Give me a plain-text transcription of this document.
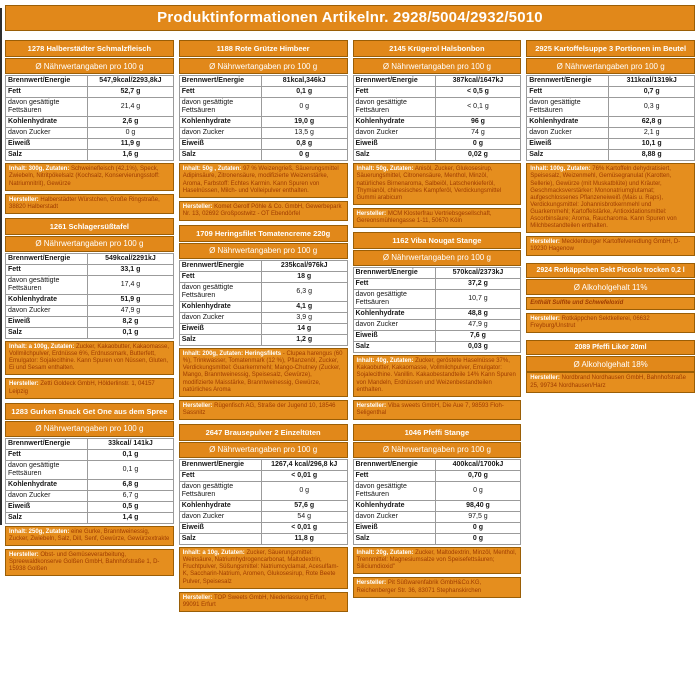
Produktinformationen Artikelnr. 2928/5004/2932/5010
1278 Halberstädter Schmalzfleisch
Ø Nährwertangaben pro 100 g
Brennwert/Energie	547,9kcal/2293,8kJ
Fett	52,7 g
davon gesättigte Fettsäuren	21,4 g
Kohlenhydrate	2,6 g
davon Zucker	0 g
Eiweiß	11,9 g
Salz	1,6 g
Inhalt: 300g, Zutaten: Schweinefleisch (42,1%), Speck, Zwiebeln, Nitritpökelsalz (Kochsalz, Konservierungsstoff: Natriumnitrit), Gewürze
Hersteller: Halberstädter Würstchen, Große Ringstraße, 38820 Halberstadt
1261 Schlagersüßtafel
Ø Nährwertangaben pro 100 g
Brennwert/Energie	549kcal/2291kJ
Fett	33,1 g
davon gesättigte Fettsäuren	17,4 g
Kohlenhydrate	51,9 g
davon Zucker	47,9 g
Eiweiß	8,2 g
Salz	0,1 g
Inhalt: a 100g, Zutaten: Zucker, Kakaobutter, Kakaomasse, Vollmilchpulver, Erdnüsse 6%, Erdnussmark, Butterfett, Emulgator: Sojalecithine. Kann Spuren von Nüssen, Gluten, Ei und Sesam enthalten.
Hersteller: Zetti Goldeck GmbH, Hölderlinstr. 1, 04157 Leipzig
1283 Gurken Snack Get One aus dem Spree
Ø Nährwertangaben pro 100 g
Brennwert/Energie	33kcal/ 141kJ
Fett	0,1 g
davon gesättigte Fettsäuren	0,1 g
Kohlenhydrate	6,8 g
davon Zucker	6,7 g
Eiweiß	0,5 g
Salz	1,4 g
Inhalt: 250g, Zutaten: eine Gurke, Branntweinessig, Zucker, Zwiebeln, Salz, Dill, Senf, Gewürze, Gewürzextrakte
Hersteller: Obst- und Gemüseverarbeitung, Spreewaldkonserve Golßen GmbH, Bahnhofstraße 1, D-15938 Golßen
1188 Rote Grütze Himbeer
Ø Nährwertangaben pro 100 g
Brennwert/Energie	81kcal,346kJ
Fett	0,1 g
davon gesättigte Fettsäuren	0 g
Kohlenhydrate	19,0 g
davon Zucker	13,5 g
Eiweiß	0,8 g
Salz	0 g
Inhalt: 50g , Zutaten: 97 % Weizengrieß, Säuerungsmittel Adipinsäure, Zitronensäure, modifizierte Weizenstärke, Aroma, Farbstoff: Echtes Karmin. Kann Spuren von Haselnüssen, Milch- und Volleipulver enthalten.
Hersteller: Komet Gerolf Pöhle & Co. GmbH, Gewerbepark Nr. 13, 02692 Großpostwitz - OT Ebendörfel
1709 Heringsfilet Tomatencreme 220g
Ø Nährwertangaben pro 100 g
Brennwert/Energie	235kcal/976kJ
Fett	18 g
davon gesättigte Fettsäuren	6,3 g
Kohlenhydrate	4,1 g
davon Zucker	3,9 g
Eiweiß	14 g
Salz	1,2 g
Inhalt: 200g, Zutaten: Heringsfilets - Clupea harengus (60 %), Trinkwasser, Tomatenmark (12 %), Pflanzenöl, Zucker, Verdickungsmittel: Guarkernmehl; Mango-Chutney (Zucker, Mango, Branntweinessig, Speisesalz, Gewürze), modifizierte Maisstärke, Branntweinessig, Gewürze, natürliches Aroma
Hersteller: Rügenfisch AG, Straße der Jugend 10, 18546 Sassnitz
2647 Brausepulver 2 Einzeltüten
Ø Nährwertangaben pro 100 g
Brennwert/Energie	1267,4 kcal/296,8 kJ
Fett	< 0,01 g
davon gesättigte Fettsäuren	0 g
Kohlenhydrate	57,6 g
davon Zucker	54 g
Eiweiß	< 0,01 g
Salz	11,8 g
Inhalt: a 10g, Zutaten: Zucker, Säuerungsmittel: Weinsäure, Natriumhydrogencarbonat, Maltodextrin, Fruchtpulver, Süßungsmittel: Natriumcyclamat, Acesulfam-K, Saccharin-Natrium, Aromen, Glukosesirup, Rote Beete Pulver, Speisesalz
Hersteller: TOP Sweets GmbH, Niederlassung Erfurt, 99091 Erfurt
2145 Krügerol Halsbonbon
Ø Nährwertangaben pro 100 g
Brennwert/Energie	387kcal/1647kJ
Fett	< 0,5 g
davon gesättigte Fettsäuren	< 0,1 g
Kohlenhydrate	96 g
davon Zucker	74 g
Eiweiß	0 g
Salz	0,02 g
Inhalt: 50g, Zutaten: Anisöl, Zucker, Glukosesirup, Säuerungsmittel, Citronensäure, Menthol, Minzöl, natürliches Birnenaroma, Salbeiöl, Latschenkieferöl, Thymianöl, chinesisches Kampferöl, Verdickungsmittel Gummi arabicum
Hersteller: MCM Klosterfrau Vertriebsgesellschaft, Gereonsmühlengasse 1-11, 50670 Köln
1162 Viba Nougat Stange
Ø Nährwertangaben pro 100 g
Brennwert/Energie	570kcal/2373kJ
Fett	37,2 g
davon gesättigte Fettsäuren	10,7 g
Kohlenhydrate	48,8 g
davon Zucker	47,9 g
Eiweiß	7,6 g
Salz	0,03 g
Inhalt: 40g, Zutaten: Zucker, geröstete Haselnüsse 37%, Kakaobutter, Kakaomasse, Vollmilchpulver, Emulgator: Sojalecithine. Vanillin. Kakaobestandteile 14% Kann Spuren von Mandeln, Erdnüssen und Weizenbestandteilen enthalten.
Hersteller: Viba sweets GmbH, Die Aue 7, 98593 Floh-Seligenthal
1046 Pfeffi Stange
Ø Nährwertangaben pro 100 g
Brennwert/Energie	400kcal/1700kJ
Fett	0,70 g
davon gesättigte Fettsäuren	0 g
Kohlenhydrate	98,40 g
davon Zucker	97,5 g
Eiweiß	0 g
Salz	0 g
Inhalt: 20g, Zutaten: Zucker, Maltodextrin, Minzöl, Menthol, Trennmittel: Magnesiumsalze von Speisefettsäuren; Siliciumdioxid"
Hersteller: Pit Süßwarenfabrik GmbH&Co.KG, Reichenberger Str. 36, 83071 Stephanskirchen
2925 Kartoffelsuppe 3 Portionen im Beutel
Ø Nährwertangaben pro 100 g
Brennwert/Energie	311kcal/1319kJ
Fett	0,7 g
davon gesättigte Fettsäuren	0,3 g
Kohlenhydrate	62,8 g
davon Zucker	2,1 g
Eiweiß	10,1 g
Salz	8,88 g
Inhalt: 100g, Zutaten: 76% Kartoffeln dehydratisiert, Speisesalz, Weizenmehl, Gemüsegranulat (Karotten, Sellerie), Gewürze (mit Muskatblüte) und Kräuter, Geschmacksverstärker: Mononatriumglutamat; aufgeschlossenes Pflanzeneiweiß (Mais u. Raps), Verdickungsmittel: Johannisbrotkernmehl und Guarkernmehl; Kartoffelstärke, Antioxidationsmittel: Ascorbinsäure; Aroma, Raucharoma. Kann Spuren von Milchbestandteilen enthalten.
Hersteller: Mecklenburger Kartoffelveredlung GmbH, D-19230 Hagenow
2924 Rotkäppchen Sekt Piccolo trocken 0,2 l
Ø Alkoholgehalt 11%
Enthält Sulfite und Schwefeloxid
Hersteller: Rotkäppchen Sektkellerei, 06632 Freyburg/Unstrut
2089 Pfeffi Likör 20ml
Ø Alkoholgehalt 18%
Hersteller: Nordbrand Nordhausen GmbH, Bahnhofstraße 25, 99734 Nordhausen/Harz
